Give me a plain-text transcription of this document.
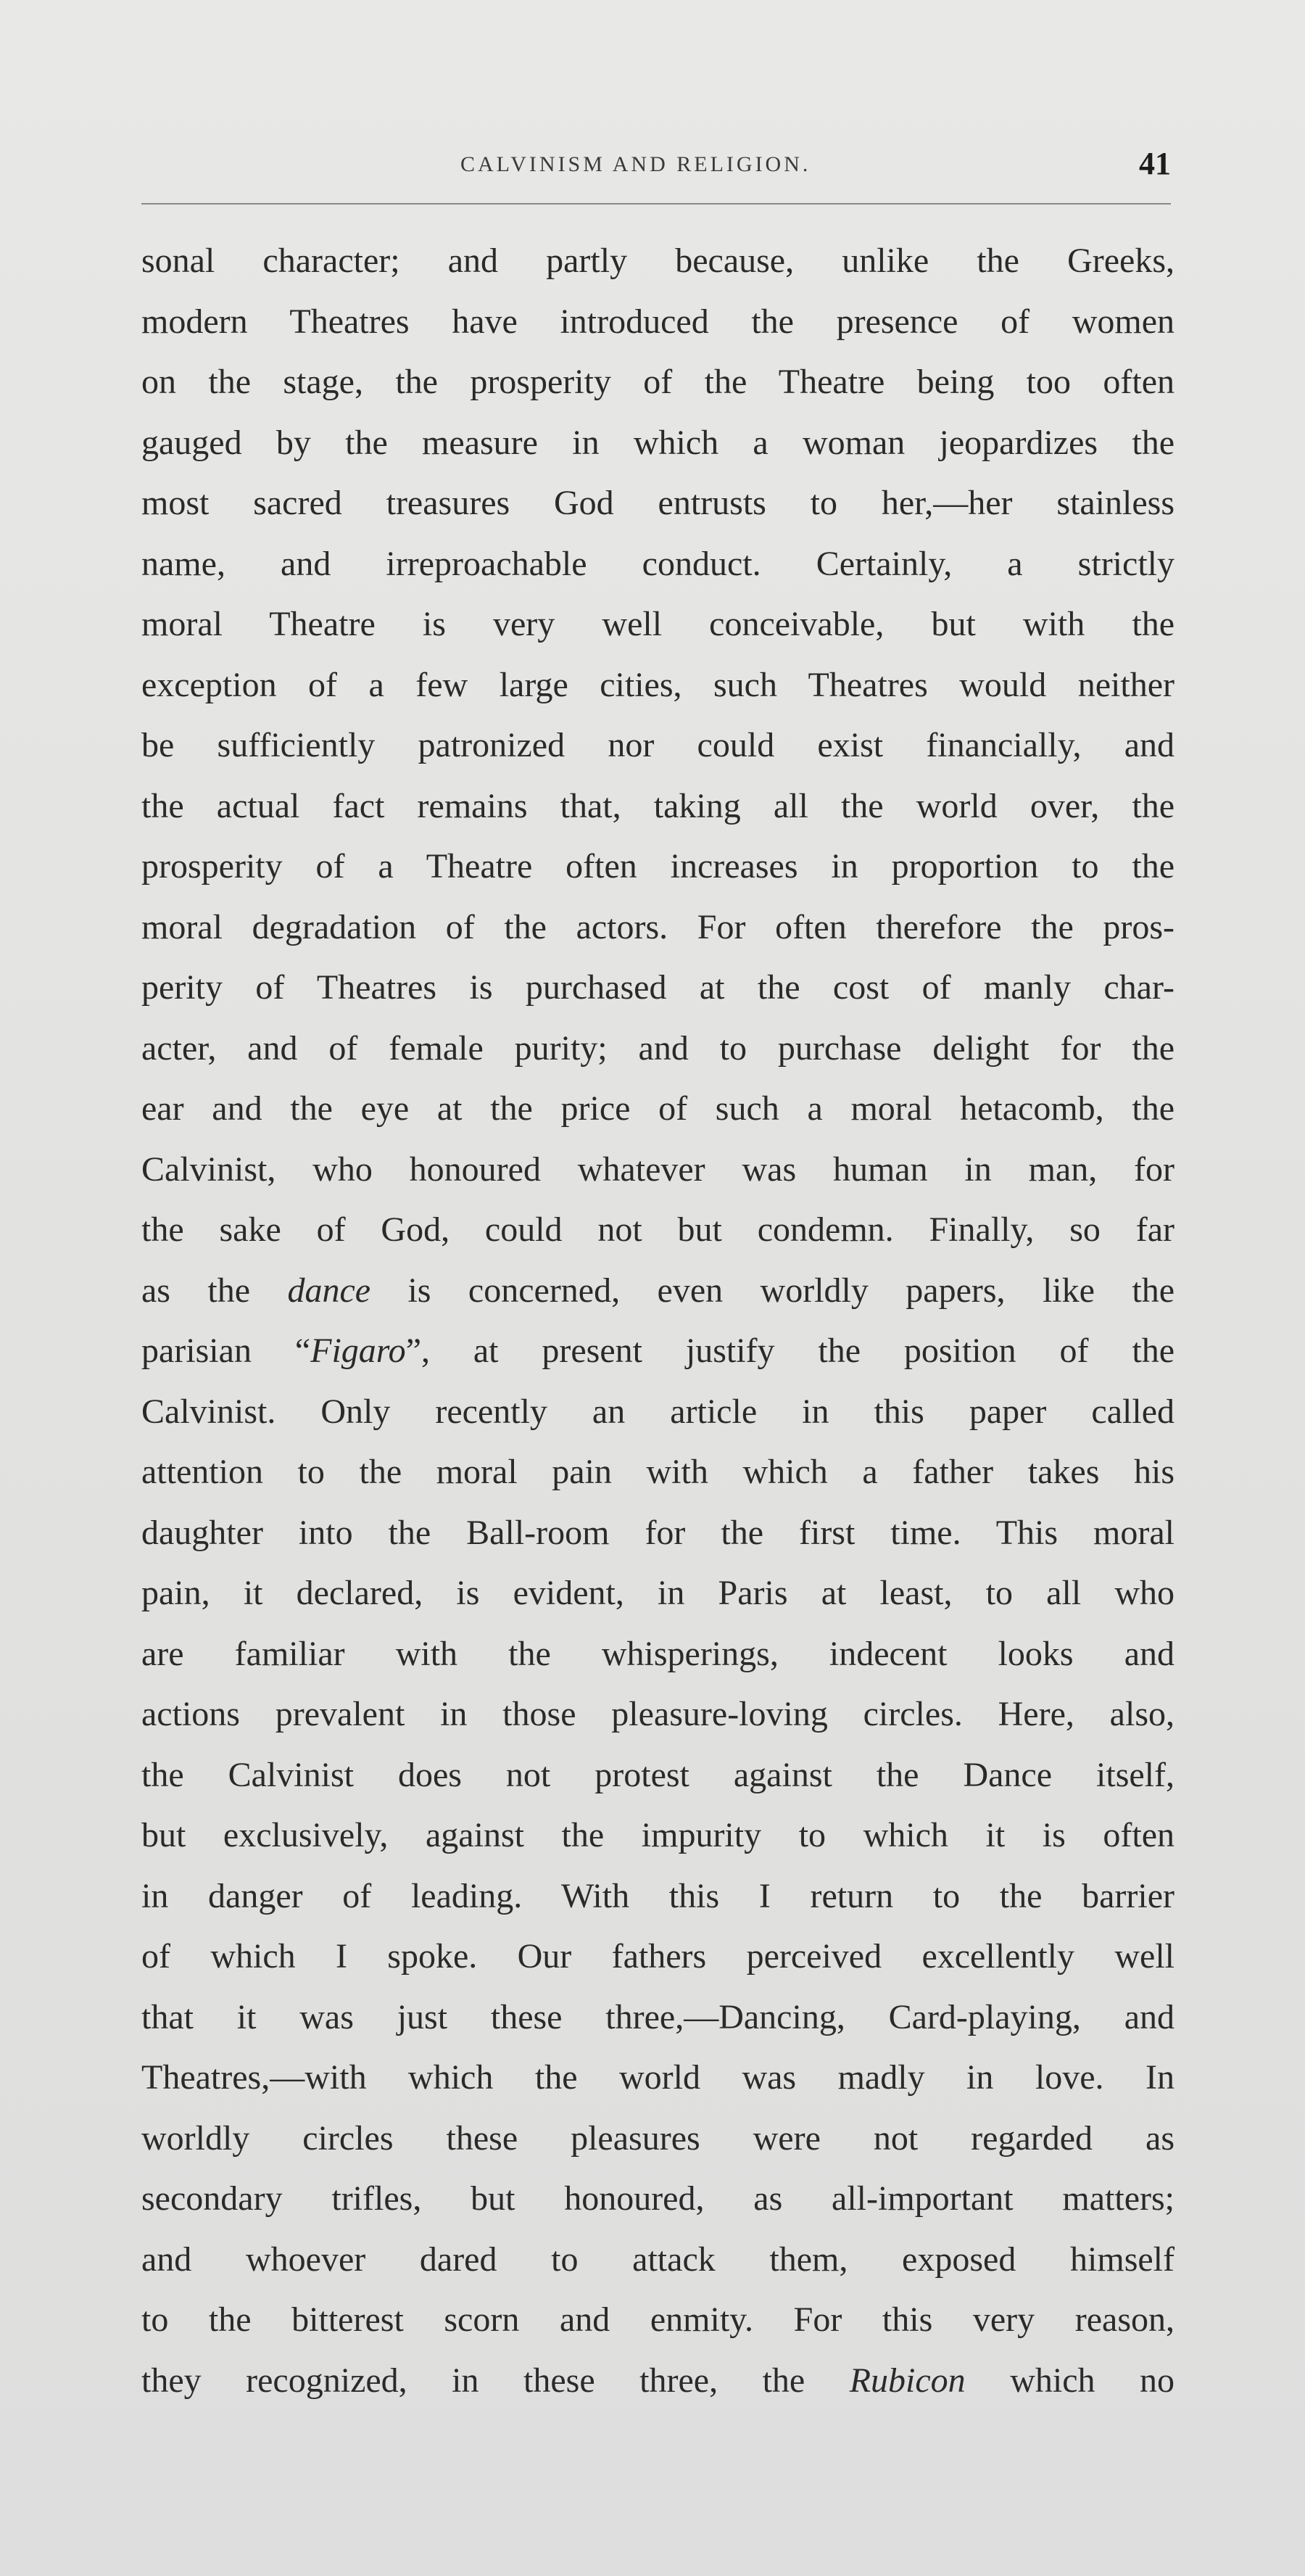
CALVINISM AND RELIGION.	41
sonal character; and partly because, unlike the Greeks,
modern Theatres have introduced the presence of women
on the stage, the prosperity of the Theatre being too often
gauged by the measure in which a woman jeopardizes the
most sacred treasures God entrusts to her,—her stainless
name, and irreproachable conduct. Certainly, a strictly
moral Theatre is very well conceivable, but with the
exception of a few large cities, such Theatres would neither
be sufficiently patronized nor could exist financially, and
the actual fact remains that, taking all the world over, the
prosperity of a Theatre often increases in proportion to the
moral degradation of the actors. For often therefore the pros-
perity of Theatres is purchased at the cost of manly char-
acter, and of female purity; and to purchase delight for the
ear and the eye at the price of such a moral hetacomb, the
Calvinist, who honoured whatever was human in man, for
the sake of God, could not but condemn. Finally, so far
as the dance is concerned, even worldly papers, like the
parisian “Figaro”, at present justify the position of the
Calvinist. Only recently an article in this paper called
attention to the moral pain with which a father takes his
daughter into the Ball-room for the first time. This moral
pain, it declared, is evident, in Paris at least, to all who
are familiar with the whisperings, indecent looks and
actions prevalent in those pleasure-loving circles. Here, also,
the Calvinist does not protest against the Dance itself,
but exclusively, against the impurity to which it is often
in danger of leading. With this I return to the barrier
of which I spoke. Our fathers perceived excellently well
that it was just these three,—Dancing, Card-playing, and
Theatres,—with which the world was madly in love. In
worldly circles these pleasures were not regarded as
secondary trifles, but honoured, as all-important matters;
and whoever dared to attack them, exposed himself
to the bitterest scorn and enmity. For this very reason,
they recognized, in these three, the Rubicon which no
